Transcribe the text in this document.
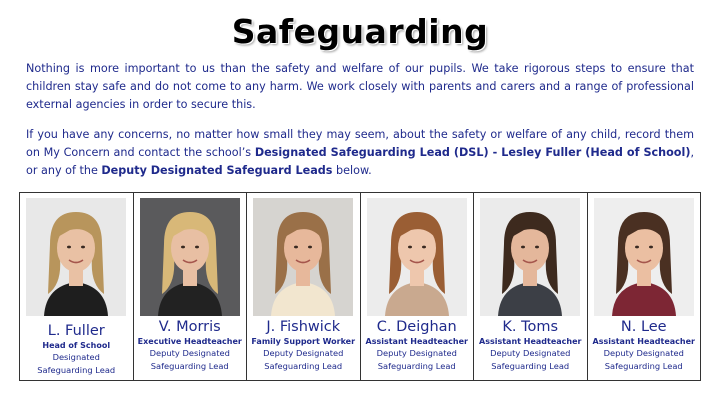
Safeguarding

Nothing is more important to us than the safety and welfare of our pupils. We take rigorous steps to ensure that children stay safe and do not come to any harm. We work closely with parents and carers and a range of professional external agencies in order to secure this.

If you have any concerns, no matter how small they may seem, about the safety or welfare of any child, record them on My Concern and contact the school’s Designated Safeguarding Lead (DSL) - Lesley Fuller (Head of School), or any of the Deputy Designated Safeguard Leads below.

L. Fuller
Head of School
Designated
Safeguarding Lead
V. Morris
Executive Headteacher
Deputy Designated
Safeguarding Lead
J. Fishwick
Family Support Worker
Deputy Designated
Safeguarding Lead
C. Deighan
Assistant Headteacher
Deputy Designated
Safeguarding Lead
K. Toms
Assistant Headteacher
Deputy Designated
Safeguarding Lead
N. Lee
Assistant Headteacher
Deputy Designated
Safeguarding Lead
